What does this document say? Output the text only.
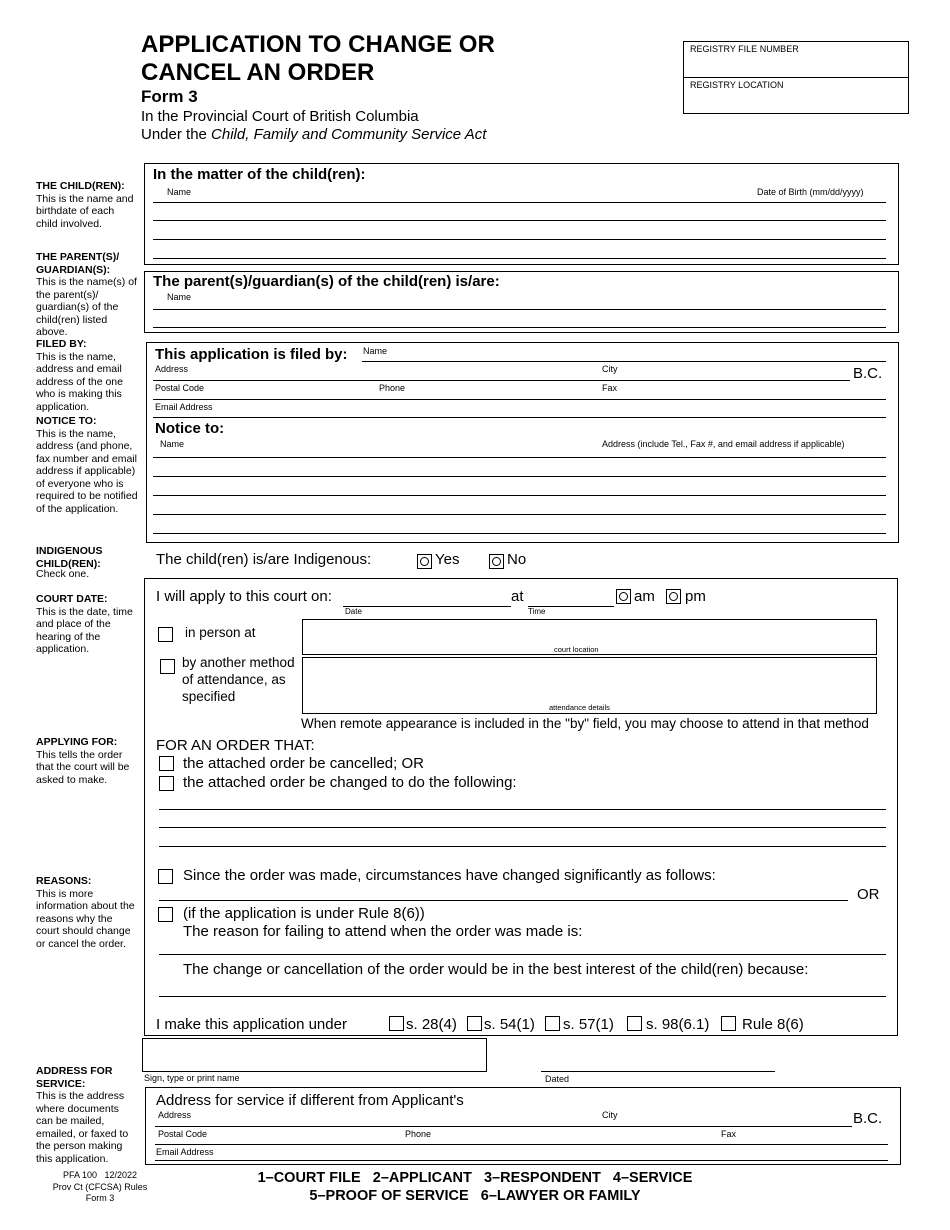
APPLICATION TO CHANGE OR
CANCEL AN ORDER
Form 3
In the Provincial Court of British Columbia
Under the Child, Family and Community Service Act
REGISTRY FILE NUMBER
REGISTRY LOCATION
THE CHILD(REN):
This is the name and birthdate of each child involved.
THE PARENT(S)/ GUARDIAN(S):
This is the name(s) of the parent(s)/ guardian(s) of the child(ren) listed above.
FILED BY:
This is the name, address and email address of the one who is making this application.
NOTICE TO:
This is the name, address (and phone, fax number and email address if applicable) of everyone who is required to be notified of the application.
INDIGENOUS CHILD(REN):
Check one.
COURT DATE:
This is the date, time and place of the hearing of the application.
APPLYING FOR:
This tells the order that the court will be asked to make.
REASONS:
This is more information about the reasons why the court should change or cancel the order.
ADDRESS FOR SERVICE:
This is the address where documents can be mailed, emailed, or faxed to the person making this application.
In the matter of the child(ren):
Name	Date of Birth (mm/dd/yyyy)
The parent(s)/guardian(s) of the child(ren) is/are:
Name
This application is filed by: Name
Address	City	B.C.
Postal Code	Phone	Fax
Email Address
Notice to:
Name	Address (include Tel., Fax #, and email address if applicable)
The child(ren) is/are Indigenous:	Yes	No
I will apply to this court on:
Date
at
Time
am pm
in person at
court location
by another method
of attendance, as
specified
attendance details
When remote appearance is included in the "by" field, you may choose to attend in that method
FOR AN ORDER THAT:
the attached order be cancelled; OR
the attached order be changed to do the following:
Since the order was made, circumstances have changed significantly as follows:
OR
(if the application is under Rule 8(6))
The reason for failing to attend when the order was made is:
The change or cancellation of the order would be in the best interest of the child(ren) because:
I make this application under	s. 28(4) s. 54(1) s. 57(1) s. 98(6.1) Rule 8(6)
Sign, type or print name	Dated
Address for service if different from Applicant's
Address	City	B.C.
Postal Code	Phone	Fax
Email Address
PFA 100   12/2022
Prov Ct (CFCSA) Rules
Form 3
1–COURT FILE   2–APPLICANT   3–RESPONDENT   4–SERVICE
5–PROOF OF SERVICE   6–LAWYER OR FAMILY
